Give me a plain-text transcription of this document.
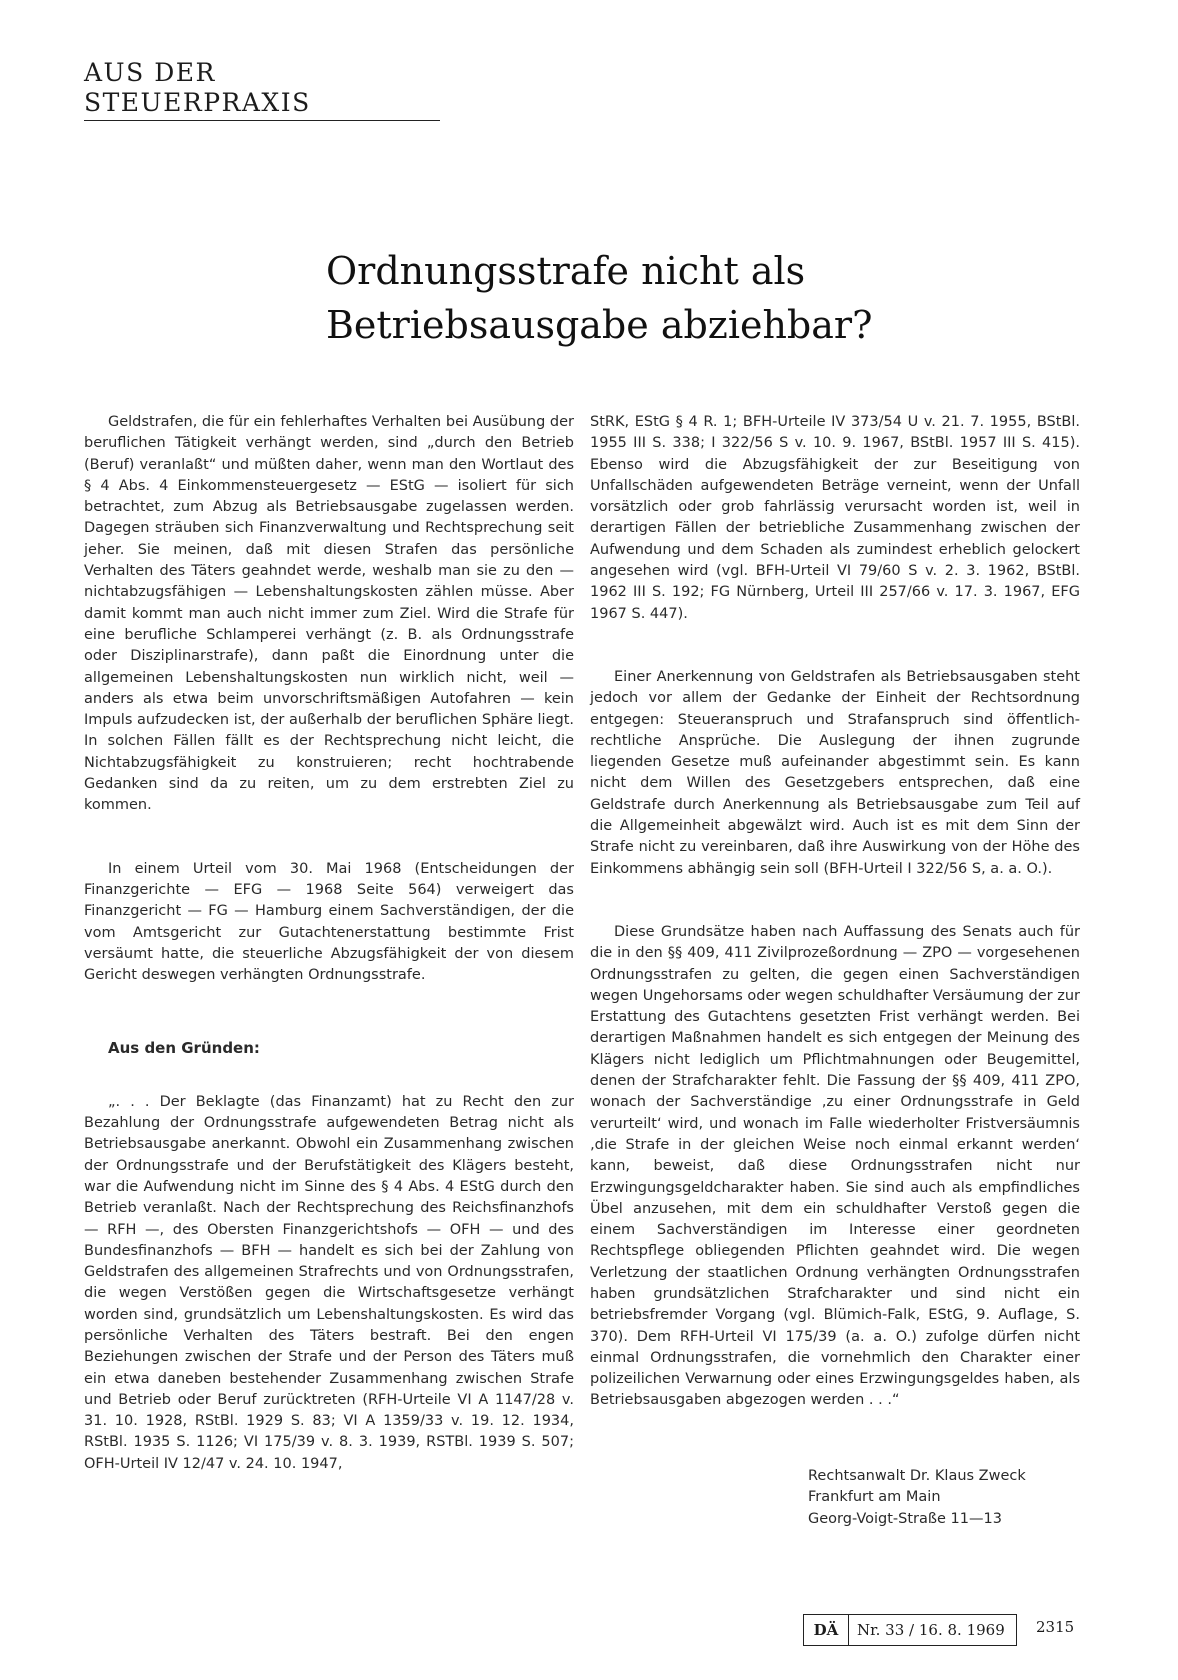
AUS DER STEUERPRAXIS
Ordnungsstrafe nicht als
Betriebsausgabe abziehbar?

Geldstrafen, die für ein fehlerhaftes Verhalten bei Ausübung der beruflichen Tätigkeit verhängt werden, sind „durch den Betrieb (Beruf) veranlaßt“ und müßten daher, wenn man den Wortlaut des § 4 Abs. 4 Einkommensteuergesetz — EStG — isoliert für sich betrachtet, zum Abzug als Betriebsausgabe zugelassen werden. Dagegen sträuben sich Finanzverwaltung und Rechtsprechung seit jeher. Sie meinen, daß mit diesen Strafen das persönliche Verhalten des Täters geahndet werde, weshalb man sie zu den — nichtabzugsfähigen — Lebenshaltungskosten zählen müsse. Aber damit kommt man auch nicht immer zum Ziel. Wird die Strafe für eine berufliche Schlamperei verhängt (z. B. als Ordnungsstrafe oder Disziplinarstrafe), dann paßt die Einordnung unter die allgemeinen Lebenshaltungskosten nun wirklich nicht, weil — anders als etwa beim unvorschriftsmäßigen Autofahren — kein Impuls aufzudecken ist, der außerhalb der beruflichen Sphäre liegt. In solchen Fällen fällt es der Rechtsprechung nicht leicht, die Nichtabzugsfähigkeit zu konstruieren; recht hochtrabende Gedanken sind da zu reiten, um zu dem erstrebten Ziel zu kommen.

In einem Urteil vom 30. Mai 1968 (Entscheidungen der Finanzgerichte — EFG — 1968 Seite 564) verweigert das Finanzgericht — FG — Hamburg einem Sachverständigen, der die vom Amtsgericht zur Gutachtenerstattung bestimmte Frist versäumt hatte, die steuerliche Abzugsfähigkeit der von diesem Gericht deswegen verhängten Ordnungsstrafe.

Aus den Gründen:

„. . . Der Beklagte (das Finanzamt) hat zu Recht den zur Bezahlung der Ordnungsstrafe aufgewendeten Betrag nicht als Betriebsausgabe anerkannt. Obwohl ein Zusammenhang zwischen der Ordnungsstrafe und der Berufstätigkeit des Klägers besteht, war die Aufwendung nicht im Sinne des § 4 Abs. 4 EStG durch den Betrieb veranlaßt. Nach der Rechtsprechung des Reichsfinanzhofs — RFH —, des Obersten Finanzgerichtshofs — OFH — und des Bundesfinanzhofs — BFH — handelt es sich bei der Zahlung von Geldstrafen des allgemeinen Strafrechts und von Ordnungsstrafen, die wegen Verstößen gegen die Wirtschaftsgesetze verhängt worden sind, grundsätzlich um Lebenshaltungskosten. Es wird das persönliche Verhalten des Täters bestraft. Bei den engen Beziehungen zwischen der Strafe und der Person des Täters muß ein etwa daneben bestehender Zusammenhang zwischen Strafe und Betrieb oder Beruf zurücktreten (RFH-Urteile VI A 1147/28 v. 31. 10. 1928, RStBl. 1929 S. 83; VI A 1359/33 v. 19. 12. 1934, RStBl. 1935 S. 1126; VI 175/39 v. 8. 3. 1939, RSTBl. 1939 S. 507; OFH-Urteil IV 12/47 v. 24. 10. 1947,

StRK, EStG § 4 R. 1; BFH-Urteile IV 373/54 U v. 21. 7. 1955, BStBl. 1955 III S. 338; I 322/56 S v. 10. 9. 1967, BStBl. 1957 III S. 415). Ebenso wird die Abzugsfähigkeit der zur Beseitigung von Unfallschäden aufgewendeten Beträge verneint, wenn der Unfall vorsätzlich oder grob fahrlässig verursacht worden ist, weil in derartigen Fällen der betriebliche Zusammenhang zwischen der Aufwendung und dem Schaden als zumindest erheblich gelockert angesehen wird (vgl. BFH-Urteil VI 79/60 S v. 2. 3. 1962, BStBl. 1962 III S. 192; FG Nürnberg, Urteil III 257/66 v. 17. 3. 1967, EFG 1967 S. 447).

Einer Anerkennung von Geldstrafen als Betriebsausgaben steht jedoch vor allem der Gedanke der Einheit der Rechtsordnung entgegen: Steueranspruch und Strafanspruch sind öffentlich-rechtliche Ansprüche. Die Auslegung der ihnen zugrunde liegenden Gesetze muß aufeinander abgestimmt sein. Es kann nicht dem Willen des Gesetzgebers entsprechen, daß eine Geldstrafe durch Anerkennung als Betriebsausgabe zum Teil auf die Allgemeinheit abgewälzt wird. Auch ist es mit dem Sinn der Strafe nicht zu vereinbaren, daß ihre Auswirkung von der Höhe des Einkommens abhängig sein soll (BFH-Urteil I 322/56 S, a. a. O.).

Diese Grundsätze haben nach Auffassung des Senats auch für die in den §§ 409, 411 Zivilprozeßordnung — ZPO — vorgesehenen Ordnungsstrafen zu gelten, die gegen einen Sachverständigen wegen Ungehorsams oder wegen schuldhafter Versäumung der zur Erstattung des Gutachtens gesetzten Frist verhängt werden. Bei derartigen Maßnahmen handelt es sich entgegen der Meinung des Klägers nicht lediglich um Pflichtmahnungen oder Beugemittel, denen der Strafcharakter fehlt. Die Fassung der §§ 409, 411 ZPO, wonach der Sachverständige ‚zu einer Ordnungsstrafe in Geld verurteilt‘ wird, und wonach im Falle wiederholter Fristversäumnis ‚die Strafe in der gleichen Weise noch einmal erkannt werden‘ kann, beweist, daß diese Ordnungsstrafen nicht nur Erzwingungsgeldcharakter haben. Sie sind auch als empfindliches Übel anzusehen, mit dem ein schuldhafter Verstoß gegen die einem Sachverständigen im Interesse einer geordneten Rechtspflege obliegenden Pflichten geahndet wird. Die wegen Verletzung der staatlichen Ordnung verhängten Ordnungsstrafen haben grundsätzlichen Strafcharakter und sind nicht ein betriebsfremder Vorgang (vgl. Blümich-Falk, EStG, 9. Auflage, S. 370). Dem RFH-Urteil VI 175/39 (a. a. O.) zufolge dürfen nicht einmal Ordnungsstrafen, die vornehmlich den Charakter einer polizeilichen Verwarnung oder eines Erzwingungsgeldes haben, als Betriebsausgaben abgezogen werden . . .“

Rechtsanwalt Dr. Klaus Zweck
Frankfurt am Main
Georg-Voigt-Straße 11—13
DÄ	Nr. 33 / 16. 8. 1969 2315
